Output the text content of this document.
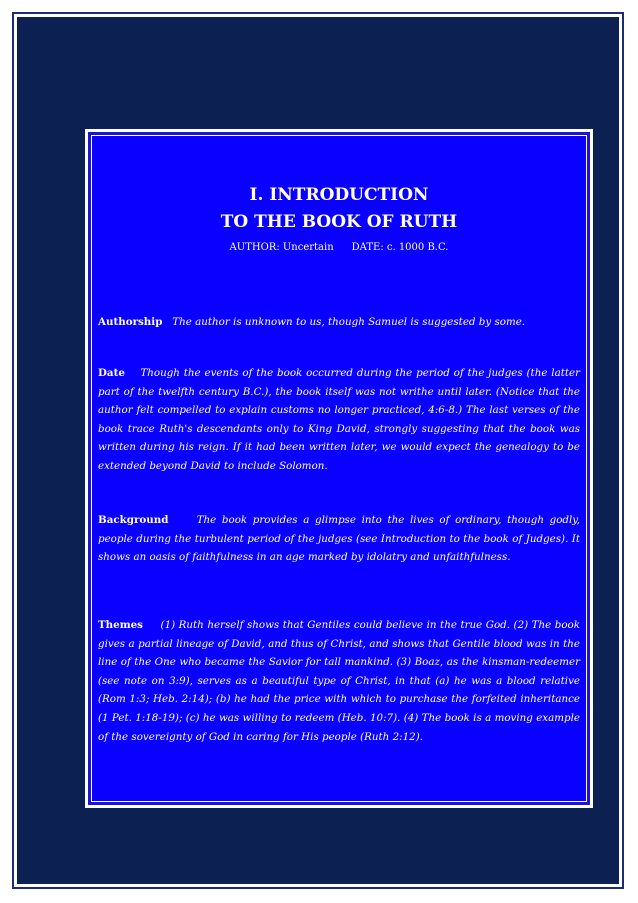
I. INTRODUCTION
TO THE BOOK OF RUTH
AUTHOR: Uncertain DATE: c. 1000 B.C.

Authorship The author is unknown to us, though Samuel is suggested by some.

Date Though the events of the book occurred during the period of the judges (the latter part of the twelfth century B.C.), the book itself was not writhe until later. (Notice that the author felt compelled to explain customs no longer practiced, 4:6-8.) The last verses of the book trace Ruth's descendants only to King David, strongly suggesting that the book was written during his reign. If it had been written later, we would expect the genealogy to be extended beyond David to include Solomon.

Background	The book provides a glimpse into the lives of ordinary, though godly, people during the turbulent period of the judges (see Introduction to the book of Judges). It shows an oasis of faithfulness in an age marked by idolatry and unfaithfulness.

Themes (1) Ruth herself shows that Gentiles could believe in the true God. (2) The book gives a partial lineage of David, and thus of Christ, and shows that Gentile blood was in the line of the One who became the Savior for tall mankind. (3) Boaz, as the kinsman-redeemer (see note on 3:9), serves as a beautiful type of Christ, in that (a) he was a blood relative (Rom 1:3; Heb. 2:14); (b) he had the price with which to purchase the forfeited inheritance (1 Pet. 1:18-19); (c) he was willing to redeem (Heb. 10:7). (4) The book is a moving example of the sovereignty of God in caring for His people (Ruth 2:12).
